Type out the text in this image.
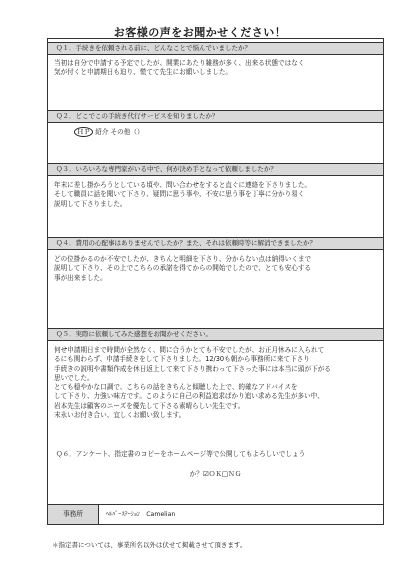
お客様の声をお聞かせください！
Ｑ１．手続きを依頼される前に、どんなことで悩んでいましたか？
当初は自分で申請する予定でしたが、開業にあたり雑務が多く、出来る状態ではなく
気が付くと申請期日も迫り、慌てて先生にお願いしました。
Ｑ２．どこでこの手続き代行サービスを知りましたか？
ＨＰ 紹介 その他（）
Ｑ３．いろいろな専門家がいる中で、何が決め手となって依頼しましたか？
年末に差し掛かろうとしている頃や、問い合わせをすると直ぐに連絡を下さりました。
そして職員に話を聞いて下さり、疑問に思う事や、不安に思う事を丁寧に分かり易く
説明して下さりました。
Ｑ４．費用の心配事はありませんでしたか？また、それは依頼時等に解消できましたか？
どの位掛かるのか不安でしたが、きちんと明細を下さり、分からない点は納得いくまで
説明して下さり、その上でこちらの承諾を得てからの開始でしたので、とても安心する
事が出来ました。
Ｑ５．実際に依頼してみた感想をお聞かせください。
何せ申請期日まで時間が全然なく、間に合うかとても不安でしたが、お正月休みに入られて
るにも関わらず、申請手続きをして下さりました。12/30も朝から事務所に来て下さり
手続きの説明や書類作成を休日返上して来て下さり携わって下さった事には本当に頭が下がる
思いでした。
とても穏やかな口調で、こちらの話をきちんと傾聴した上で、的確なアドバイスを
して下さり、力強い味方です。このように自己の利益追求ばかり追い求める先生が多い中、
岩本先生は顧客のニーズを優先して下さる素晴らしい先生です。
末永いお付き合い、宜しくお願い致します。
Ｑ６．アンケート、指定書のコピーをホームページ等で公開してもよろしいでしょう
か？☑ＯＫ□ＮＧ
事務所	ﾍﾙﾊﾟｰｽﾃｰｼｮﾝ　Camelian
＊指定書については、事業所名以外は伏せて掲載させて頂きます。
